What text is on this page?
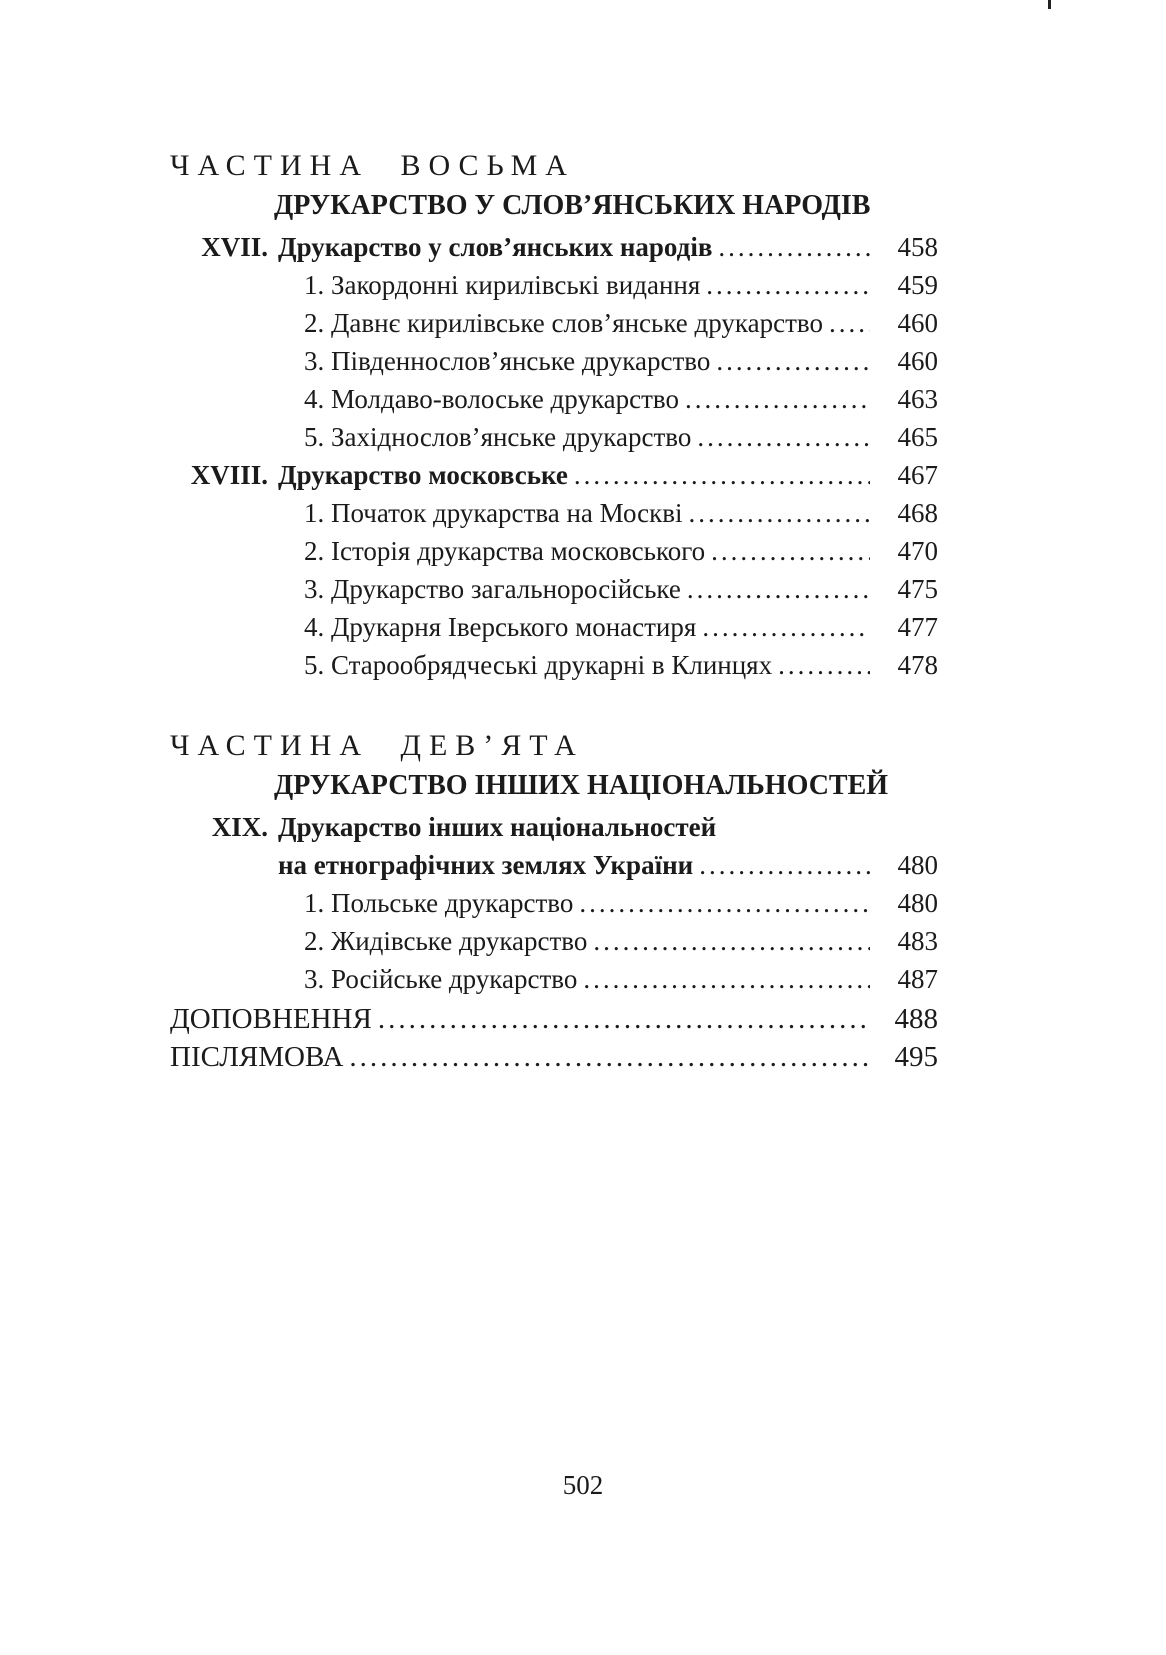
ЧАСТИНА ВОСЬМА
ДРУКАРСТВО У СЛОВ’ЯНСЬКИХ НАРОДІВ
XVII. Друкарство у слов’янських народів .....	458
1. Закордонні кирилівські видання .....	459
2. Давнє кирилівське слов’янське друкарство .....	460
3. Південнослов’янське друкарство .....	460
4. Молдаво-волоське друкарство .....	463
5. Західнослов’янське друкарство .....	465
XVIII. Друкарство московське .....	467
1. Початок друкарства на Москві .....	468
2. Історія друкарства московського .....	470
3. Друкарство загальноросійське .....	475
4. Друкарня Іверського монастиря .....	477
5. Старообрядчеські друкарні в Клинцях .....	478
ЧАСТИНА ДЕВ’ЯТА
ДРУКАРСТВО ІНШИХ НАЦІОНАЛЬНОСТЕЙ
XIX. Друкарство інших національностей
на етнографічних землях України .....	480
1. Польське друкарство .....	480
2. Жидівське друкарство .....	483
3. Російське друкарство .....	487
ДОПОВНЕННЯ .....	488
ПІСЛЯМОВА .....	495
502
